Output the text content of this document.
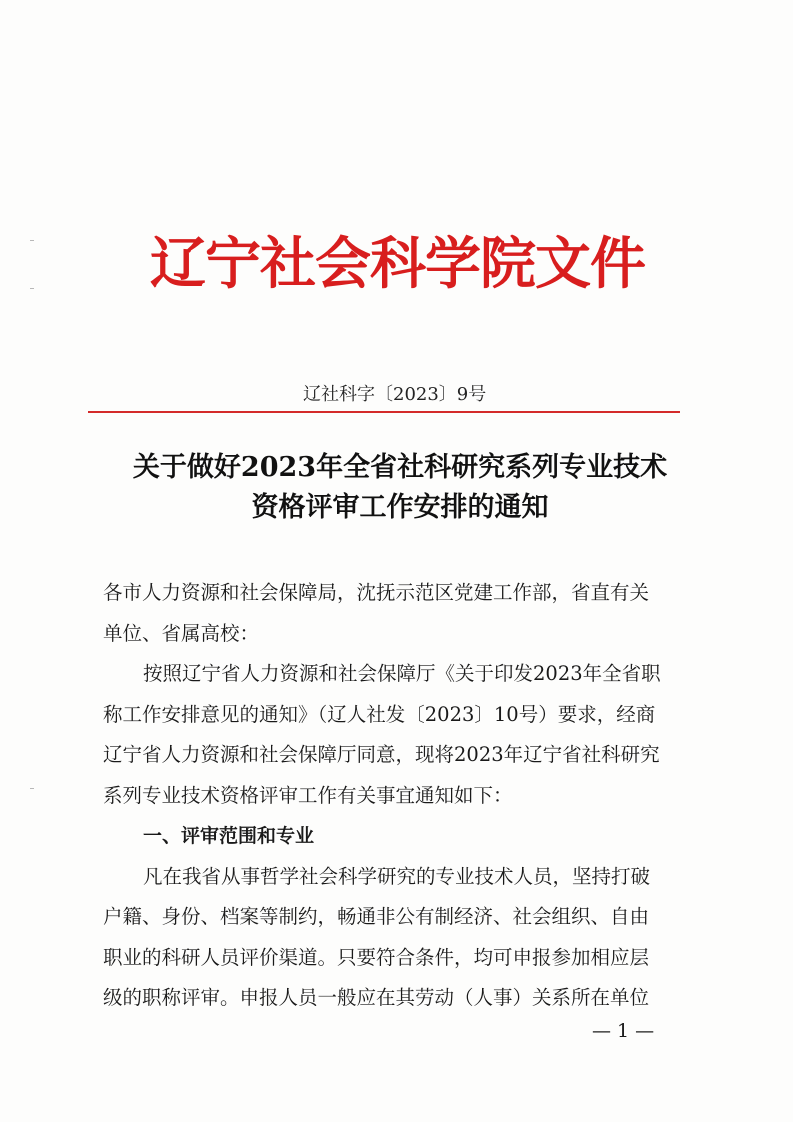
辽宁社会科学院文件
辽社科字〔2023〕9号
关于做好2023年全省社科研究系列专业技术
资格评审工作安排的通知

各市人力资源和社会保障局，沈抚示范区党建工作部，省直有关

单位、省属高校：

按照辽宁省人力资源和社会保障厅《关于印发2023年全省职

称工作安排意见的通知》（辽人社发〔2023〕10号）要求，经商

辽宁省人力资源和社会保障厅同意，现将2023年辽宁省社科研究

系列专业技术资格评审工作有关事宜通知如下：

一、评审范围和专业

凡在我省从事哲学社会科学研究的专业技术人员，坚持打破

户籍、身份、档案等制约，畅通非公有制经济、社会组织、自由

职业的科研人员评价渠道。只要符合条件，均可申报参加相应层

级的职称评审。申报人员一般应在其劳动（人事）关系所在单位

— 1 —
